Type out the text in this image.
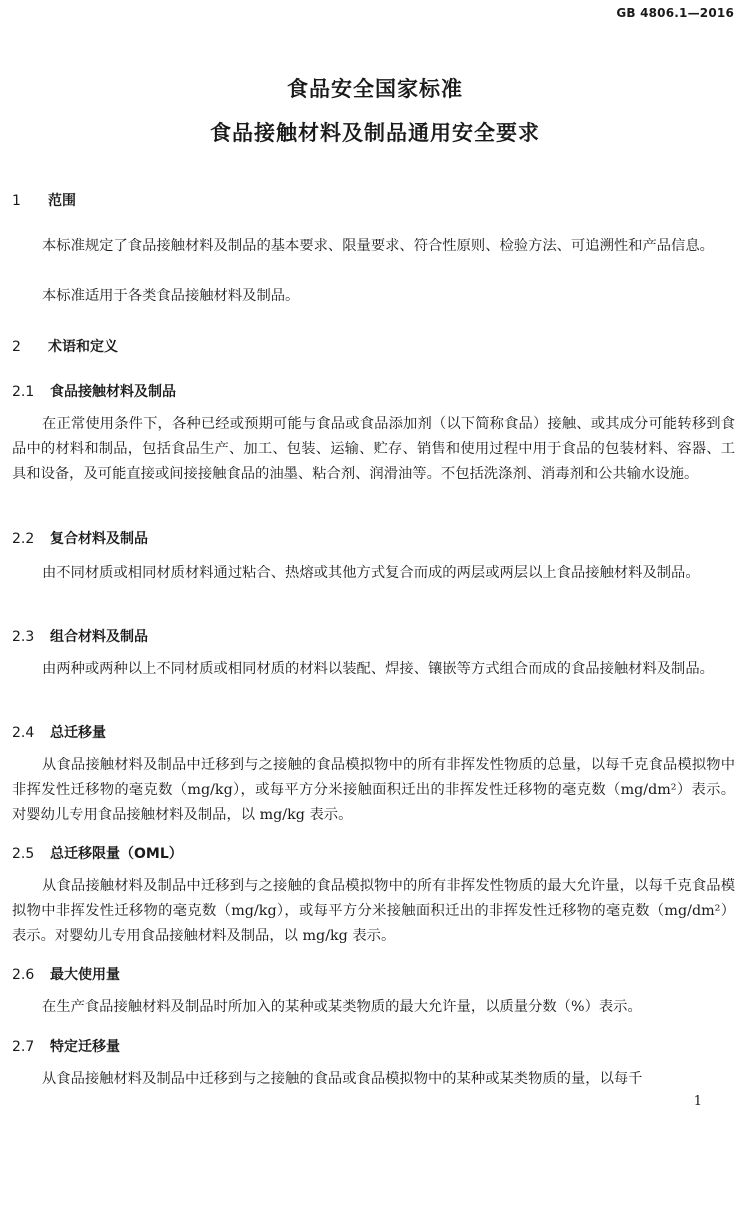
GB 4806.1—2016
食品安全国家标准
食品接触材料及制品通用安全要求
1 范围

本标准规定了食品接触材料及制品的基本要求、限量要求、符合性原则、检验方法、可追溯性和产品信息。

本标准适用于各类食品接触材料及制品。

2 术语和定义
2.1 食品接触材料及制品

在正常使用条件下，各种已经或预期可能与食品或食品添加剂（以下简称食品）接触、或其成分可能转移到食品中的材料和制品，包括食品生产、加工、包装、运输、贮存、销售和使用过程中用于食品的包装材料、容器、工具和设备，及可能直接或间接接触食品的油墨、粘合剂、润滑油等。不包括洗涤剂、消毒剂和公共输水设施。

2.2 复合材料及制品

由不同材质或相同材质材料通过粘合、热熔或其他方式复合而成的两层或两层以上食品接触材料及制品。

2.3 组合材料及制品

由两种或两种以上不同材质或相同材质的材料以装配、焊接、镶嵌等方式组合而成的食品接触材料及制品。

2.4 总迁移量

从食品接触材料及制品中迁移到与之接触的食品模拟物中的所有非挥发性物质的总量，以每千克食品模拟物中非挥发性迁移物的毫克数（mg/kg），或每平方分米接触面积迁出的非挥发性迁移物的毫克数（mg/dm²）表示。对婴幼儿专用食品接触材料及制品，以 mg/kg 表示。

2.5 总迁移限量（OML）

从食品接触材料及制品中迁移到与之接触的食品模拟物中的所有非挥发性物质的最大允许量，以每千克食品模拟物中非挥发性迁移物的毫克数（mg/kg），或每平方分米接触面积迁出的非挥发性迁移物的毫克数（mg/dm²）表示。对婴幼儿专用食品接触材料及制品，以 mg/kg 表示。

2.6 最大使用量

在生产食品接触材料及制品时所加入的某种或某类物质的最大允许量，以质量分数（%）表示。

2.7 特定迁移量

从食品接触材料及制品中迁移到与之接触的食品或食品模拟物中的某种或某类物质的量，以每千

1
